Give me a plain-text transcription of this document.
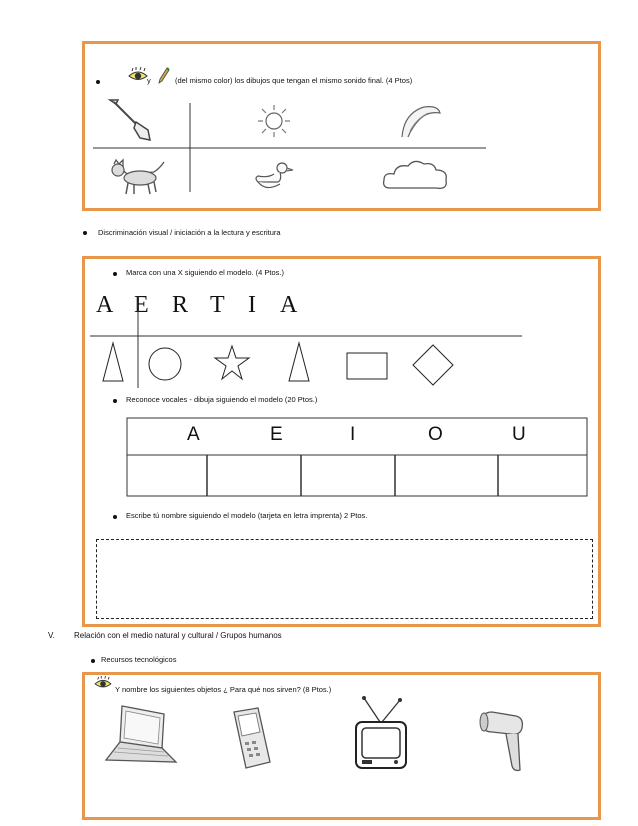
y	(del mismo color) los dibujos que tengan el mismo sonido final. (4 Ptos)
Discriminación visual / iniciación a la lectura y escritura
Marca con una X siguiendo el modelo. (4 Ptos.)
A E R T I	A
Reconoce vocales - dibuja siguiendo el modelo (20 Ptos.)
A	E	I	O	U
Escribe tú nombre siguiendo el modelo (tarjeta en letra imprenta) 2 Ptos.
V. Relación con el medio natural y cultural / Grupos humanos
Recursos tecnológicos
Y nombre los siguientes objetos ¿ Para qué nos sirven? (8 Ptos.)
